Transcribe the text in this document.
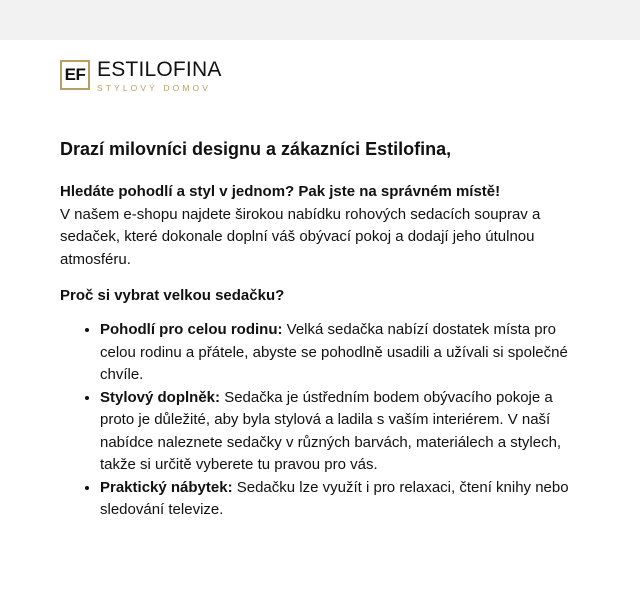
EF ESTILOFINA
STYLOVÝ DOMOV
Drazí milovníci designu a zákazníci Estilofina,

Hledáte pohodlí a styl v jednom? Pak jste na správném místě!
V našem e-shopu najdete širokou nabídku rohových sedacích souprav a sedaček, které dokonale doplní váš obývací pokoj a dodají jeho útulnou atmosféru.

Proč si vybrat velkou sedačku?
• Pohodlí pro celou rodinu: Velká sedačka nabízí dostatek místa pro celou rodinu a přátele, abyste se pohodlně usadili a užívali si společné chvíle.
• Stylový doplněk: Sedačka je ústředním bodem obývacího pokoje a proto je důležité, aby byla stylová a ladila s vaším interiérem. V naší nabídce naleznete sedačky v různých barvách, materiálech a stylech, takže si určitě vyberete tu pravou pro vás.
• Praktický nábytek: Sedačku lze využít i pro relaxaci, čtení knihy nebo sledování televize.
